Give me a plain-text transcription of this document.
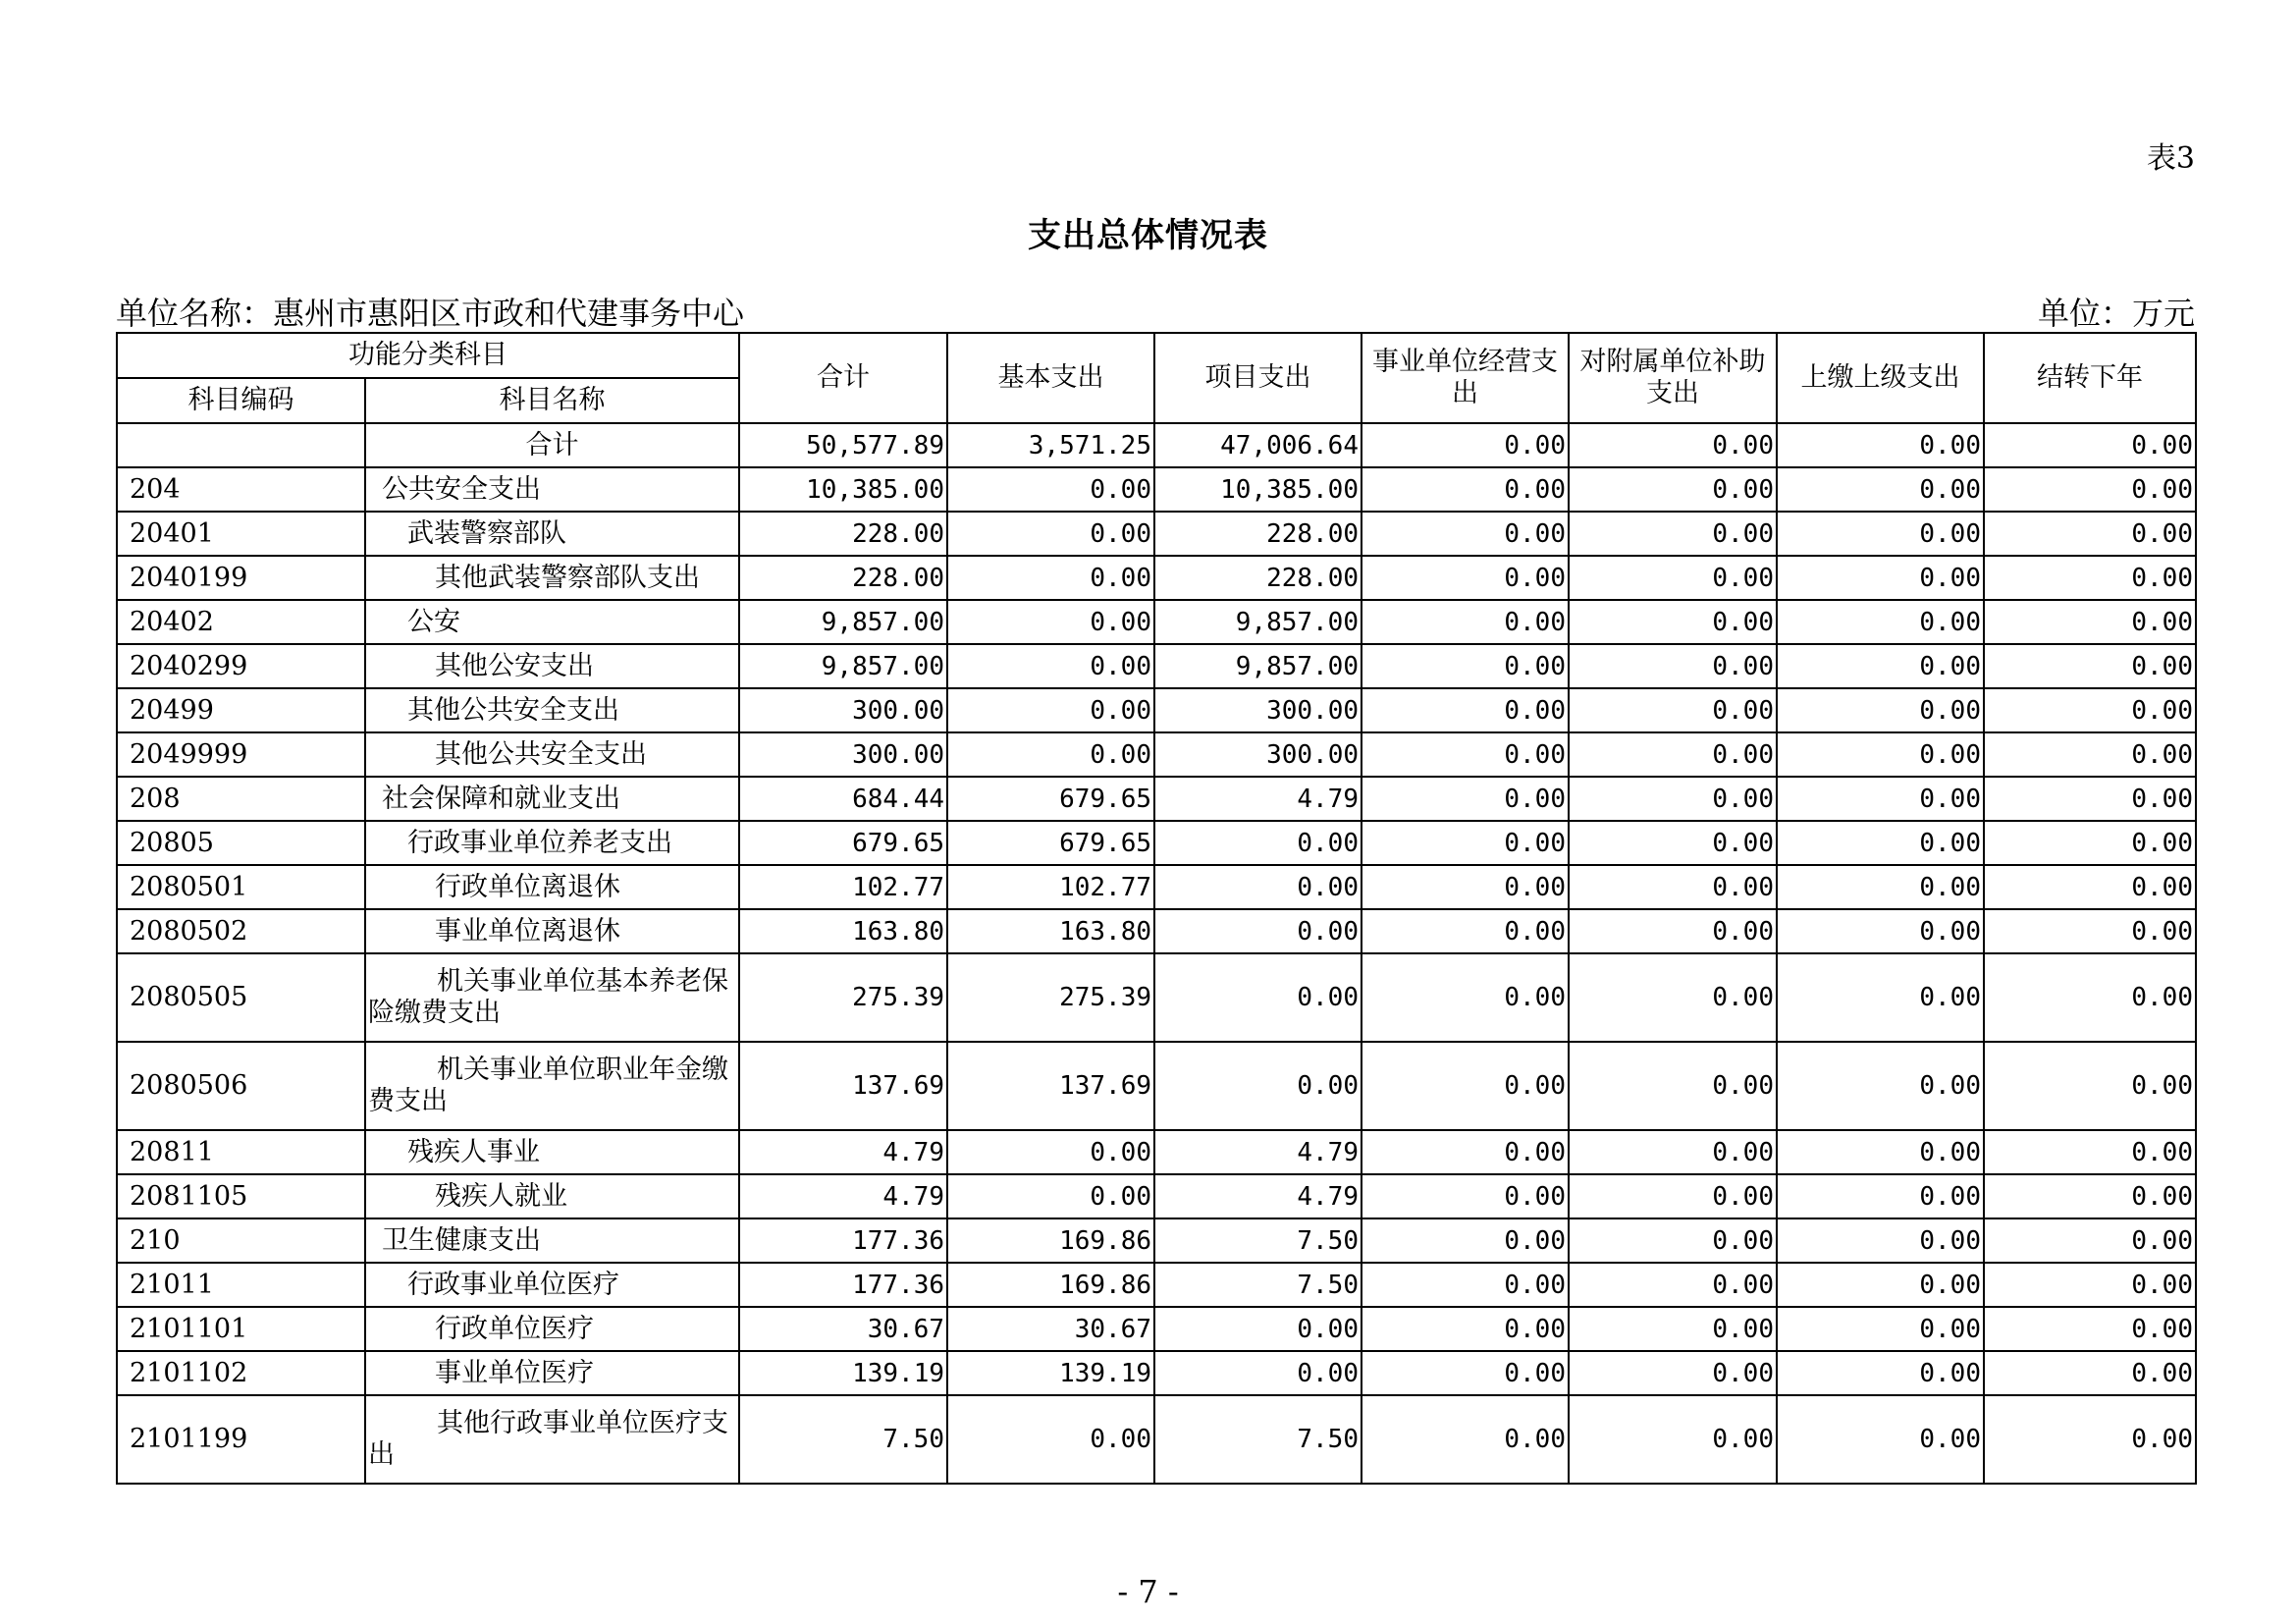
表3
支出总体情况表
单位名称：惠州市惠阳区市政和代建事务中心	单位：万元
功能分类科目		合计	基本支出	项目支出	事业单位经营支出	对附属单位补助支出	上缴上级支出	结转下年
科目编码	科目名称							
	合计	50,577.89	3,571.25	47,006.64	0.00	0.00	0.00	0.00
204	公共安全支出	10,385.00	0.00	10,385.00	0.00	0.00	0.00	0.00
20401	武装警察部队	228.00	0.00	228.00	0.00	0.00	0.00	0.00
2040199	其他武装警察部队支出	228.00	0.00	228.00	0.00	0.00	0.00	0.00
20402	公安	9,857.00	0.00	9,857.00	0.00	0.00	0.00	0.00
2040299	其他公安支出	9,857.00	0.00	9,857.00	0.00	0.00	0.00	0.00
20499	其他公共安全支出	300.00	0.00	300.00	0.00	0.00	0.00	0.00
2049999	其他公共安全支出	300.00	0.00	300.00	0.00	0.00	0.00	0.00
208	社会保障和就业支出	684.44	679.65	4.79	0.00	0.00	0.00	0.00
20805	行政事业单位养老支出	679.65	679.65	0.00	0.00	0.00	0.00	0.00
2080501	行政单位离退休	102.77	102.77	0.00	0.00	0.00	0.00	0.00
2080502	事业单位离退休	163.80	163.80	0.00	0.00	0.00	0.00	0.00
2080505	机关事业单位基本养老保险缴费支出	275.39	275.39	0.00	0.00	0.00	0.00	0.00
2080506	机关事业单位职业年金缴费支出	137.69	137.69	0.00	0.00	0.00	0.00	0.00
20811	残疾人事业	4.79	0.00	4.79	0.00	0.00	0.00	0.00
2081105	残疾人就业	4.79	0.00	4.79	0.00	0.00	0.00	0.00
210	卫生健康支出	177.36	169.86	7.50	0.00	0.00	0.00	0.00
21011	行政事业单位医疗	177.36	169.86	7.50	0.00	0.00	0.00	0.00
2101101	行政单位医疗	30.67	30.67	0.00	0.00	0.00	0.00	0.00
2101102	事业单位医疗	139.19	139.19	0.00	0.00	0.00	0.00	0.00
2101199	其他行政事业单位医疗支出	7.50	0.00	7.50	0.00	0.00	0.00	0.00
- 7 -
